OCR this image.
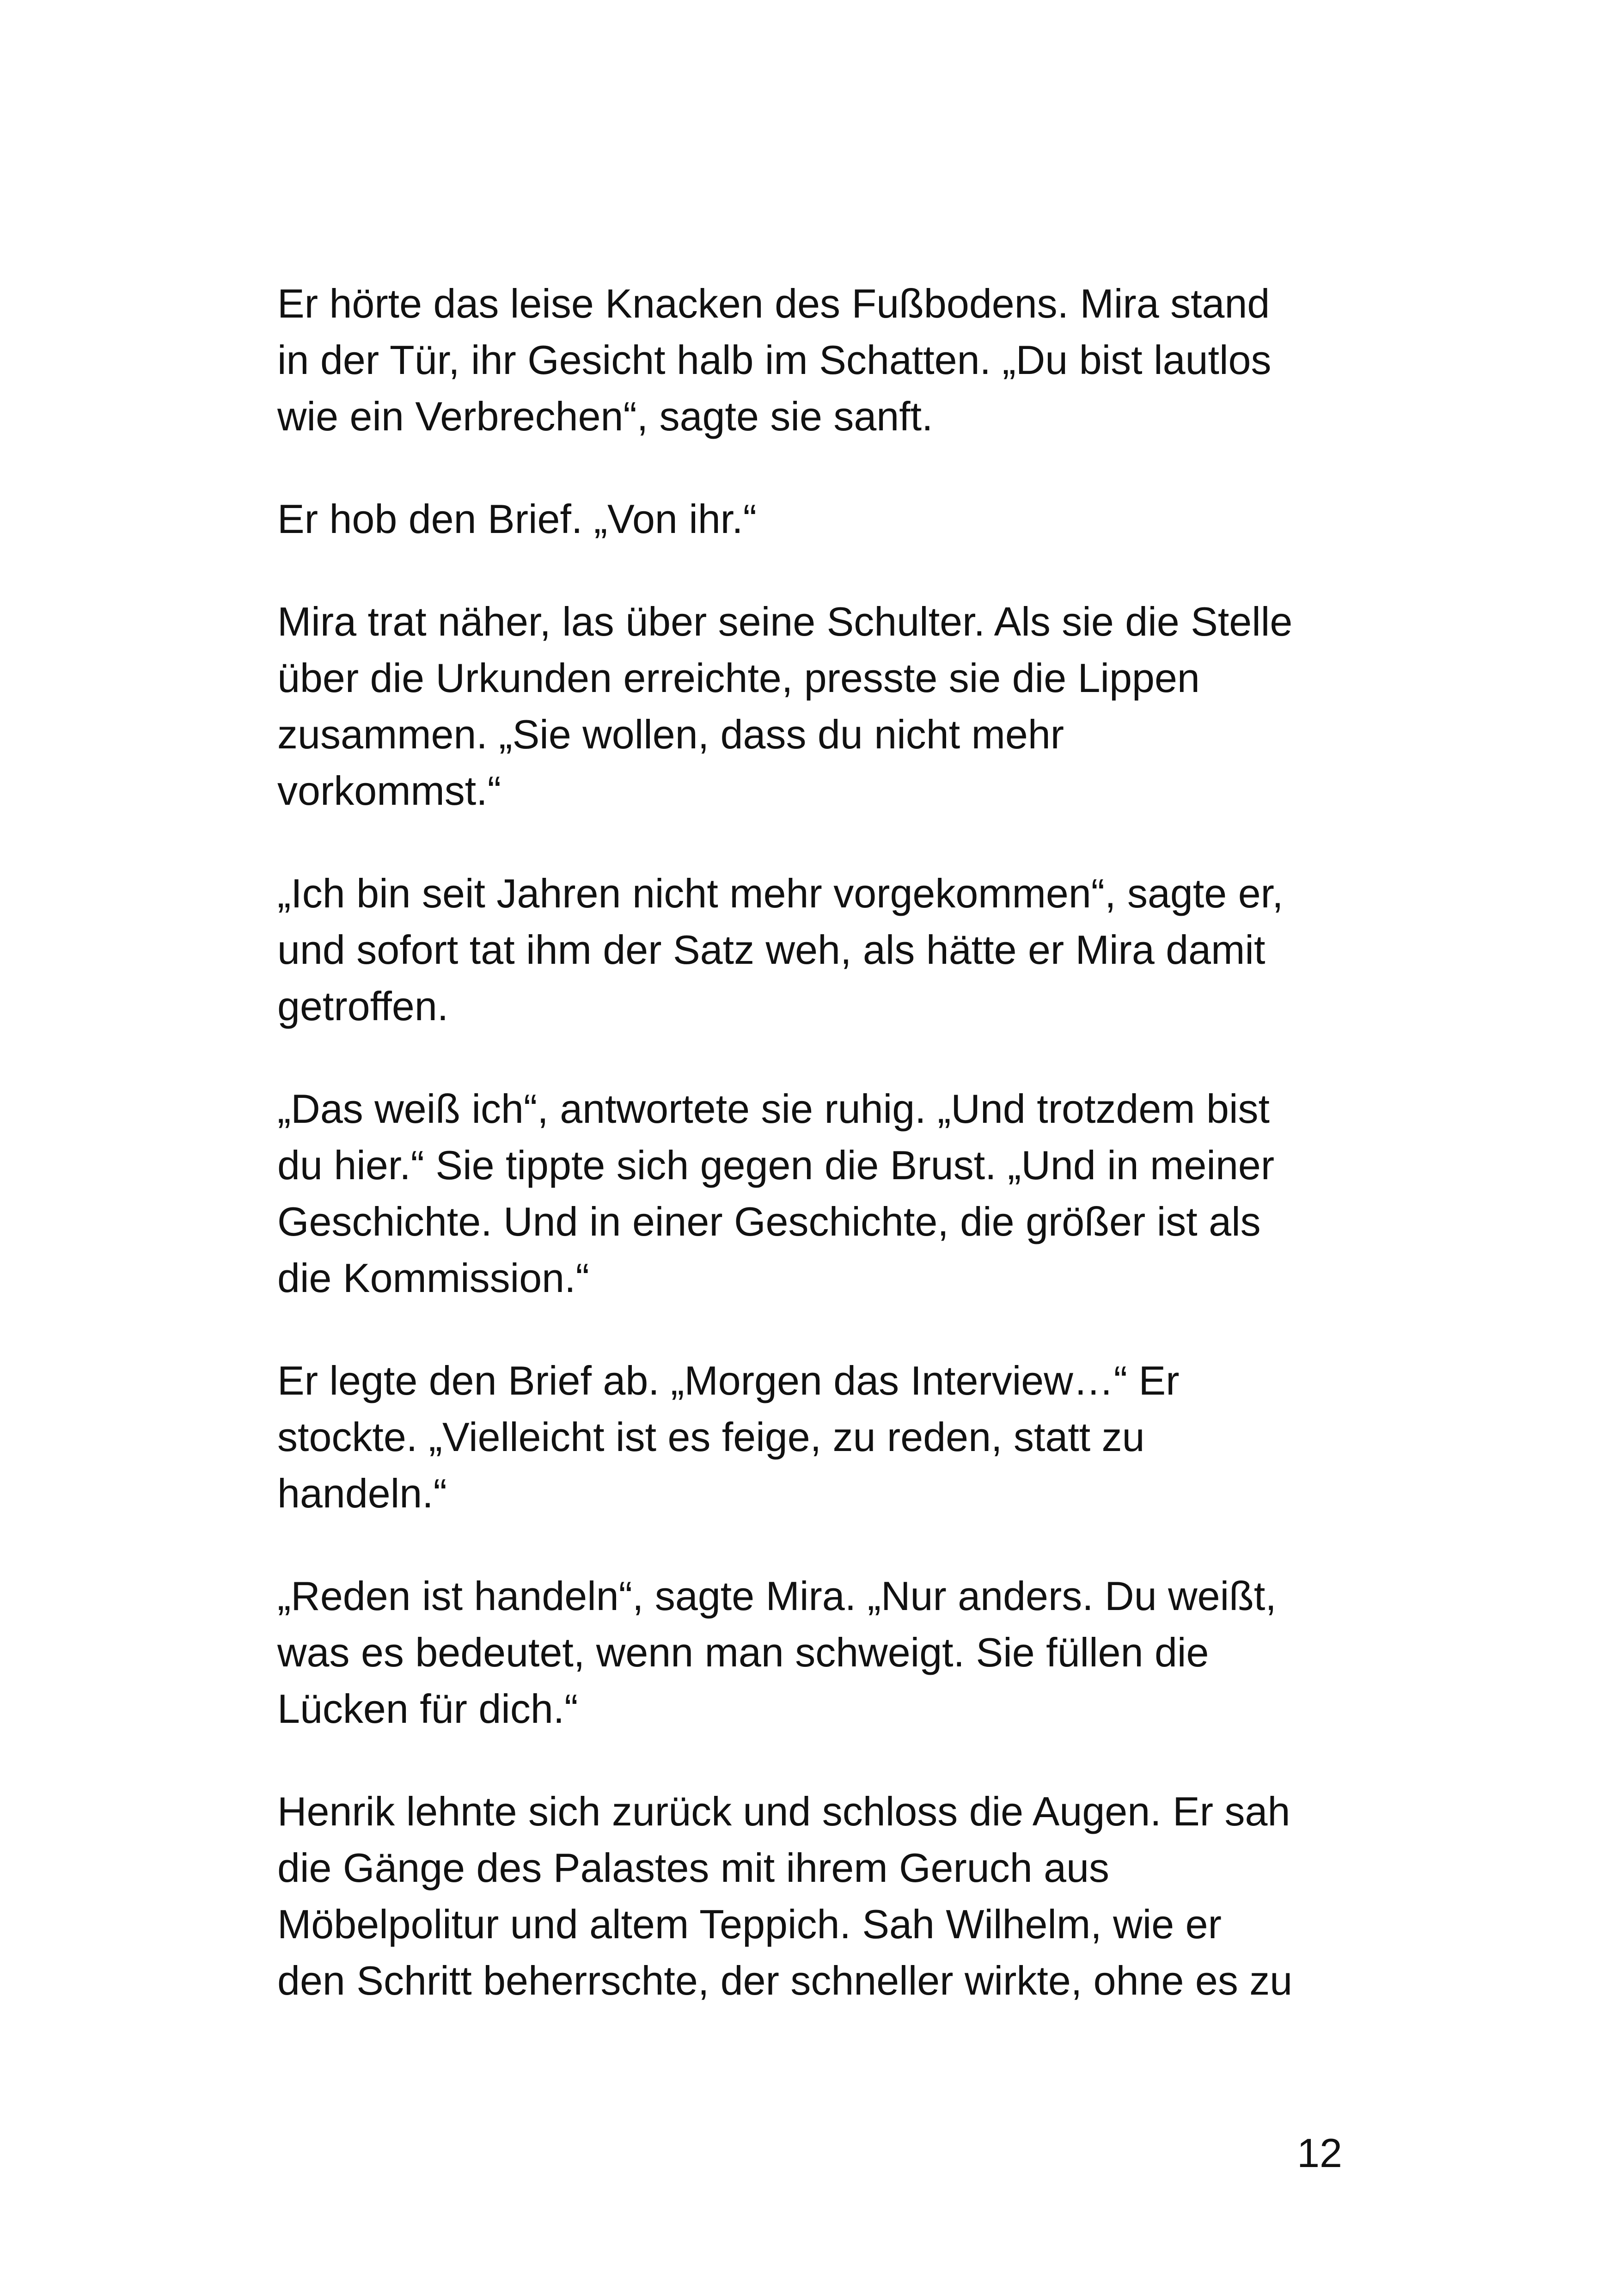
Er hörte das leise Knacken des Fußbodens. Mira stand
in der Tür, ihr Gesicht halb im Schatten. „Du bist lautlos
wie ein Verbrechen“, sagte sie sanft.

Er hob den Brief. „Von ihr.“

Mira trat näher, las über seine Schulter. Als sie die Stelle
über die Urkunden erreichte, presste sie die Lippen
zusammen. „Sie wollen, dass du nicht mehr
vorkommst.“

„Ich bin seit Jahren nicht mehr vorgekommen“, sagte er,
und sofort tat ihm der Satz weh, als hätte er Mira damit
getroffen.

„Das weiß ich“, antwortete sie ruhig. „Und trotzdem bist
du hier.“ Sie tippte sich gegen die Brust. „Und in meiner
Geschichte. Und in einer Geschichte, die größer ist als
die Kommission.“

Er legte den Brief ab. „Morgen das Interview…“ Er
stockte. „Vielleicht ist es feige, zu reden, statt zu
handeln.“

„Reden ist handeln“, sagte Mira. „Nur anders. Du weißt,
was es bedeutet, wenn man schweigt. Sie füllen die
Lücken für dich.“

Henrik lehnte sich zurück und schloss die Augen. Er sah
die Gänge des Palastes mit ihrem Geruch aus
Möbelpolitur und altem Teppich. Sah Wilhelm, wie er
den Schritt beherrschte, der schneller wirkte, ohne es zu

12
